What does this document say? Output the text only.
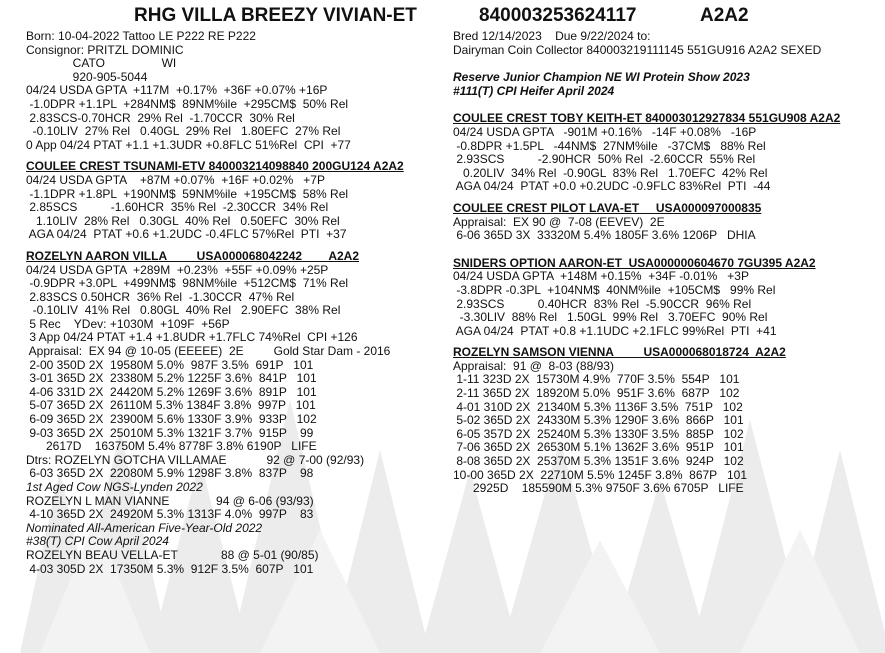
RHG VILLA BREEZY VIVIAN-ET

	840003253624117

	A2A2

Born: 10-04-2022 Tattoo LE P222 RE P222
Consignor: PRITZL DOMINIC
CATO                 WI
920-905-5044
04/24 USDA GPTA  +117M  +0.17%  +36F +0.07% +16P
-1.0DPR +1.1PL  +284NM$  89NM%ile  +295CM$  50% Rel
2.83SCS-0.70HCR  29% Rel  -1.70CCR  30% Rel
-0.10LIV  27% Rel   0.40GL  29% Rel   1.80EFC  27% Rel
0 App 04/24 PTAT +1.1 +1.3UDR +0.8FLC 51%Rel  CPI  +77
COULEE CREST TSUNAMI-ETV 840003214098840 200GU124 A2A2
04/24 USDA GPTA    +87M +0.07%  +16F +0.02%   +7P
-1.1DPR +1.8PL  +190NM$  59NM%ile  +195CM$  58% Rel
2.85SCS          -1.60HCR  35% Rel  -2.30CCR  34% Rel
1.10LIV  28% Rel   0.30GL  40% Rel   0.50EFC  30% Rel
AGA 04/24  PTAT +0.6 +1.2UDC -0.4FLC 57%Rel  PTI  +37
ROZELYN AARON VILLA         USA000068042242        A2A2
04/24 USDA GPTA  +289M  +0.23%  +55F +0.09% +25P
-0.9DPR +3.0PL  +499NM$  98NM%ile  +512CM$  71% Rel
2.83SCS 0.50HCR  36% Rel  -1.30CCR  47% Rel
-0.10LIV  41% Rel   0.80GL  40% Rel   2.90EFC  38% Rel
5 Rec    YDev: +1030M  +109F  +56P
3 App 04/24 PTAT +1.4 +1.8UDR +1.7FLC 74%Rel  CPI +126
Appraisal:  EX 94 @ 10-05 (EEEEE)  2E         Gold Star Dam - 2016
2-00 350D 2X  19580M 5.0%  987F 3.5%  691P   101
3-01 365D 2X  23380M 5.2% 1225F 3.6%  841P   101
4-06 331D 2X  24420M 5.2% 1269F 3.6%  891P   101
5-07 365D 2X  26110M 5.3% 1384F 3.8%  997P   101
6-09 365D 2X  23900M 5.6% 1330F 3.9%  933P   102
9-03 365D 2X  25010M 5.3% 1321F 3.7%  915P    99
2617D    163750M 5.4% 8778F 3.8% 6190P   LIFE
Dtrs: ROZELYN GOTCHA VILLAMAE            92 @ 7-00 (92/93)
6-03 365D 2X  22080M 5.9% 1298F 3.8%  837P    98
1st Aged Cow NGS-Lynden 2022
ROZELYN L MAN VIANNE              94 @ 6-06 (93/93)
4-10 365D 2X  24920M 5.3% 1313F 4.0%  997P    83
Nominated All-American Five-Year-Old 2022
#38(T) CPI Cow April 2024
ROZELYN BEAU VELLA-ET             88 @ 5-01 (90/85)
4-03 305D 2X  17350M 5.3%  912F 3.5%  607P   101
Bred 12/14/2023    Due 9/22/2024 to:
Dairyman Coin Collector 840003219111145 551GU916 A2A2 SEXED
Reserve Junior Champion NE WI Protein Show 2023
#111(T) CPI Heifer April 2024
COULEE CREST TOBY KEITH-ET 840003012927834 551GU908 A2A2
04/24 USDA GPTA   -901M +0.16%   -14F +0.08%   -16P
-0.8DPR +1.5PL   -44NM$  27NM%ile   -37CM$   88% Rel
2.93SCS          -2.90HCR  50% Rel  -2.60CCR  55% Rel
0.20LIV  34% Rel  -0.90GL  83% Rel   1.70EFC  42% Rel
AGA 04/24  PTAT +0.0 +0.2UDC -0.9FLC 83%Rel  PTI  -44
COULEE CREST PILOT LAVA-ET     USA000097000835
Appraisal:  EX 90 @  7-08 (EEVEV)  2E
6-06 365D 3X  33320M 5.4% 1805F 3.6% 1206P   DHIA
SNIDERS OPTION AARON-ET  USA000000604670 7GU395 A2A2
04/24 USDA GPTA  +148M +0.15%  +34F -0.01%   +3P
-3.8DPR -0.3PL  +104NM$  40NM%ile  +105CM$   99% Rel
2.93SCS          0.40HCR  83% Rel  -5.90CCR  96% Rel
-3.30LIV  88% Rel   1.50GL  99% Rel   3.70EFC  90% Rel
AGA 04/24  PTAT +0.8 +1.1UDC +2.1FLC 99%Rel  PTI  +41
ROZELYN SAMSON VIENNA         USA000068018724  A2A2
Appraisal:  91 @  8-03 (88/93)
1-11 323D 2X  15730M 4.9%  770F 3.5%  554P   101
2-11 365D 2X  18920M 5.0%  951F 3.6%  687P   102
4-01 310D 2X  21340M 5.3% 1136F 3.5%  751P   102
5-02 365D 2X  24330M 5.3% 1290F 3.6%  866P   101
6-05 357D 2X  25240M 5.3% 1330F 3.5%  885P   102
7-06 365D 2X  26530M 5.1% 1362F 3.6%  951P   101
8-08 365D 2X  25370M 5.3% 1351F 3.6%  924P   102
10-00 365D 2X  22710M 5.5% 1245F 3.8%  867P   101
2925D    185590M 5.3% 9750F 3.6% 6705P   LIFE
